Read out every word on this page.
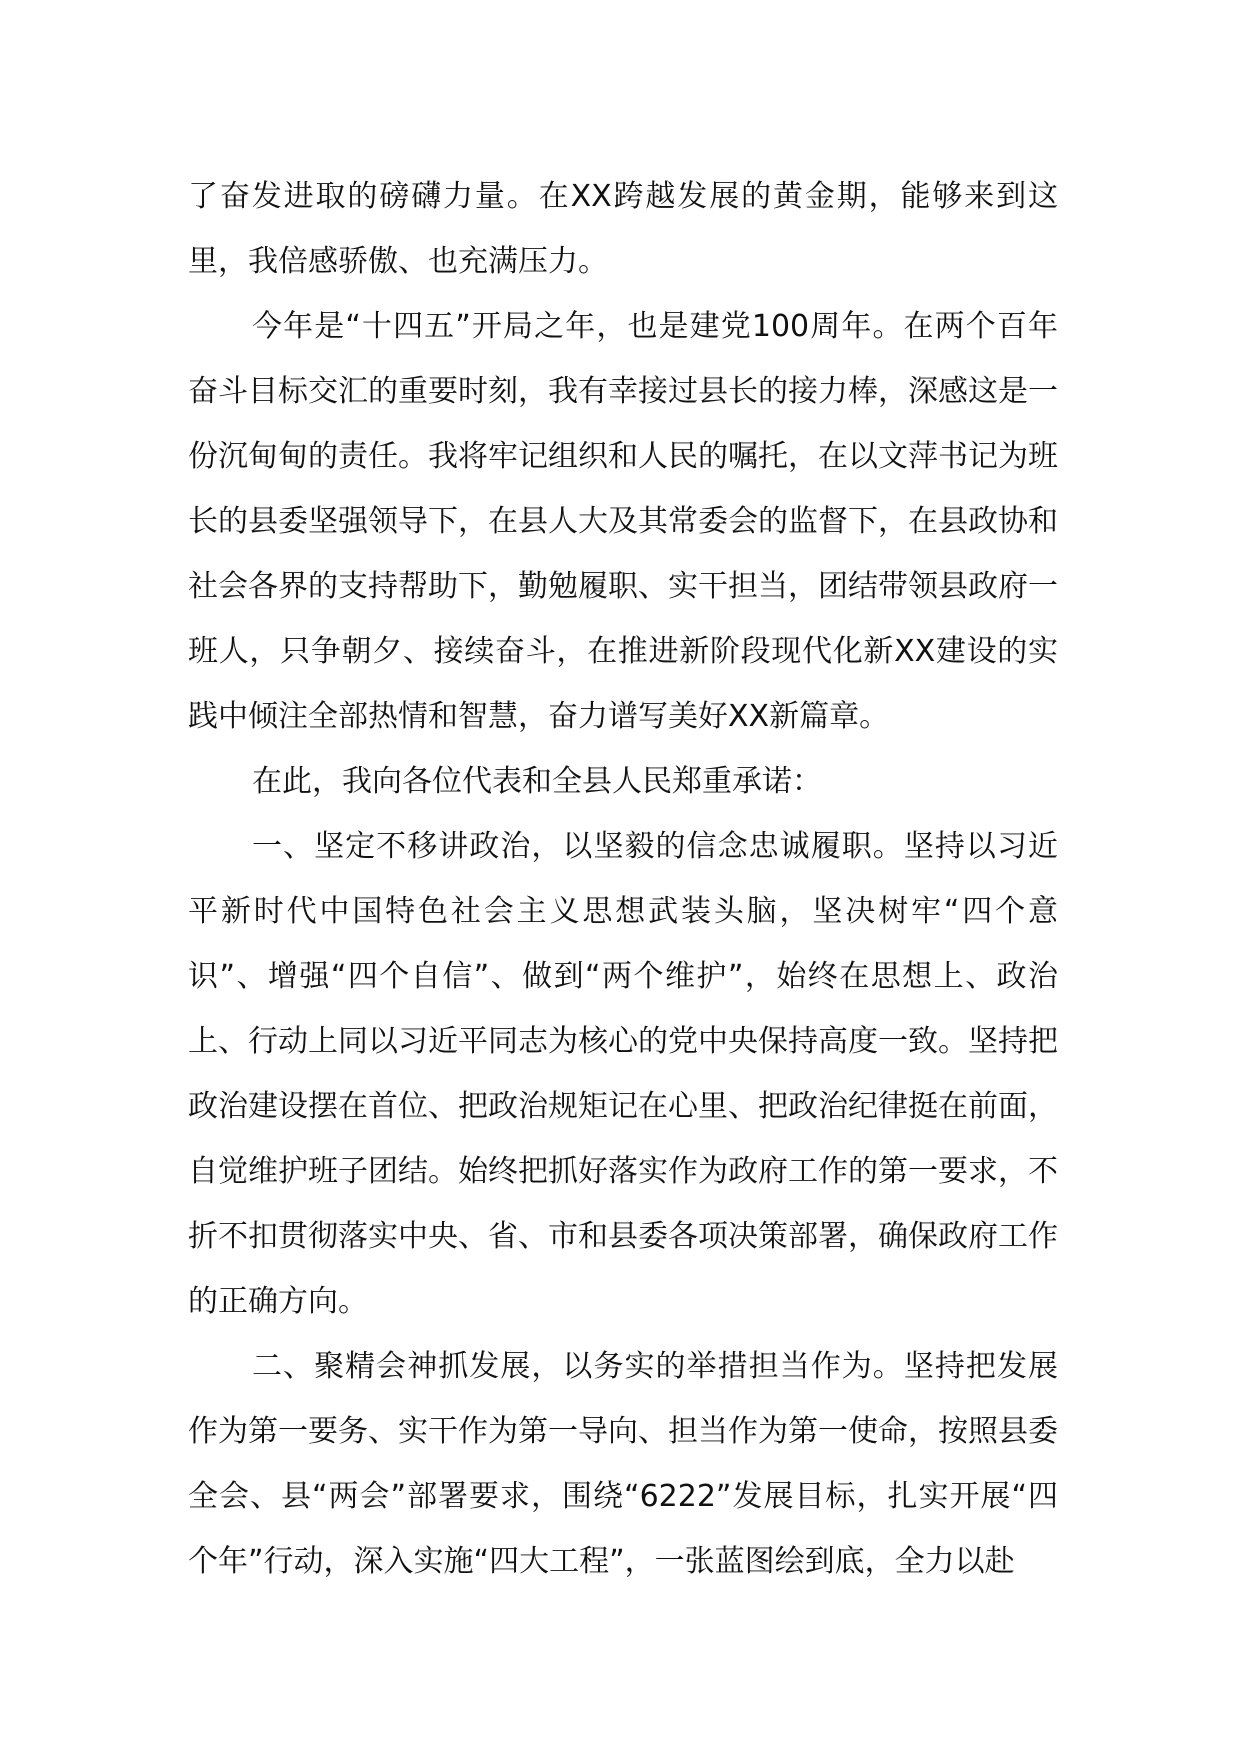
了奋发进取的磅礴力量。在XX跨越发展的黄金期，能够来到这里，我倍感骄傲、也充满压力。

今年是“十四五”开局之年，也是建党100周年。在两个百年奋斗目标交汇的重要时刻，我有幸接过县长的接力棒，深感这是一份沉甸甸的责任。我将牢记组织和人民的嘱托，在以文萍书记为班长的县委坚强领导下，在县人大及其常委会的监督下，在县政协和社会各界的支持帮助下，勤勉履职、实干担当，团结带领县政府一班人，只争朝夕、接续奋斗，在推进新阶段现代化新XX建设的实践中倾注全部热情和智慧，奋力谱写美好XX新篇章。

在此，我向各位代表和全县人民郑重承诺：

一、坚定不移讲政治，以坚毅的信念忠诚履职。坚持以习近平新时代中国特色社会主义思想武装头脑，坚决树牢“四个意识”、增强“四个自信”、做到“两个维护”，始终在思想上、政治上、行动上同以习近平同志为核心的党中央保持高度一致。坚持把政治建设摆在首位、把政治规矩记在心里、把政治纪律挺在前面，自觉维护班子团结。始终把抓好落实作为政府工作的第一要求，不折不扣贯彻落实中央、省、市和县委各项决策部署，确保政府工作的正确方向。

二、聚精会神抓发展，以务实的举措担当作为。坚持把发展作为第一要务、实干作为第一导向、担当作为第一使命，按照县委全会、县“两会”部署要求，围绕“6222”发展目标，扎实开展“四个年”行动，深入实施“四大工程”，一张蓝图绘到底，全力以赴
